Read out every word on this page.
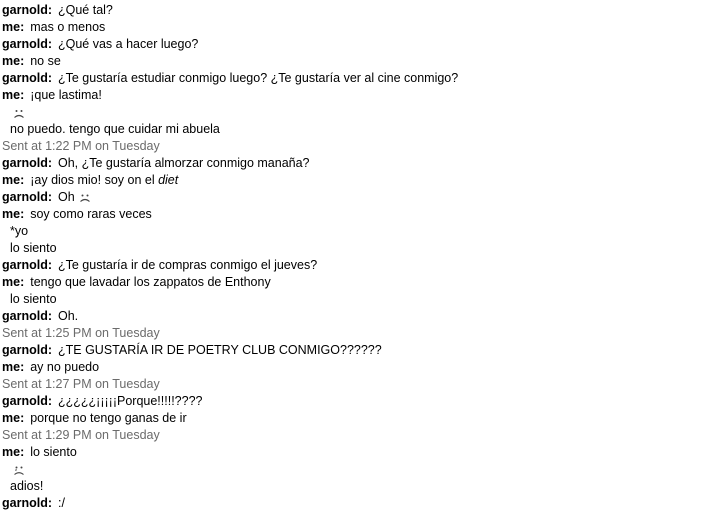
garnold: ¿Qué tal?
me: mas o menos
garnold: ¿Qué vas a hacer luego?
me: no se
garnold: ¿Te gustaría estudiar conmigo luego? ¿Te gustaría ver al cine conmigo?
me: ¡que lastima!
no puedo. tengo que cuidar mi abuela
Sent at 1:22 PM on Tuesday
garnold: Oh, ¿Te gustaría almorzar conmigo manaña?
me: ¡ay dios mio! soy on el diet
garnold: Oh
me: soy como raras veces
*yo
lo siento
garnold: ¿Te gustaría ir de compras conmigo el jueves?
me: tengo que lavadar los zappatos de Enthony
lo siento
garnold: Oh.
Sent at 1:25 PM on Tuesday
garnold: ¿TE GUSTARÍA IR DE POETRY CLUB CONMIGO??????
me: ay no puedo
Sent at 1:27 PM on Tuesday
garnold: ¿¿¿¿¿¡¡¡¡¡Porque!!!!!????
me: porque no tengo ganas de ir
Sent at 1:29 PM on Tuesday
me: lo siento
adios!
garnold: :/
